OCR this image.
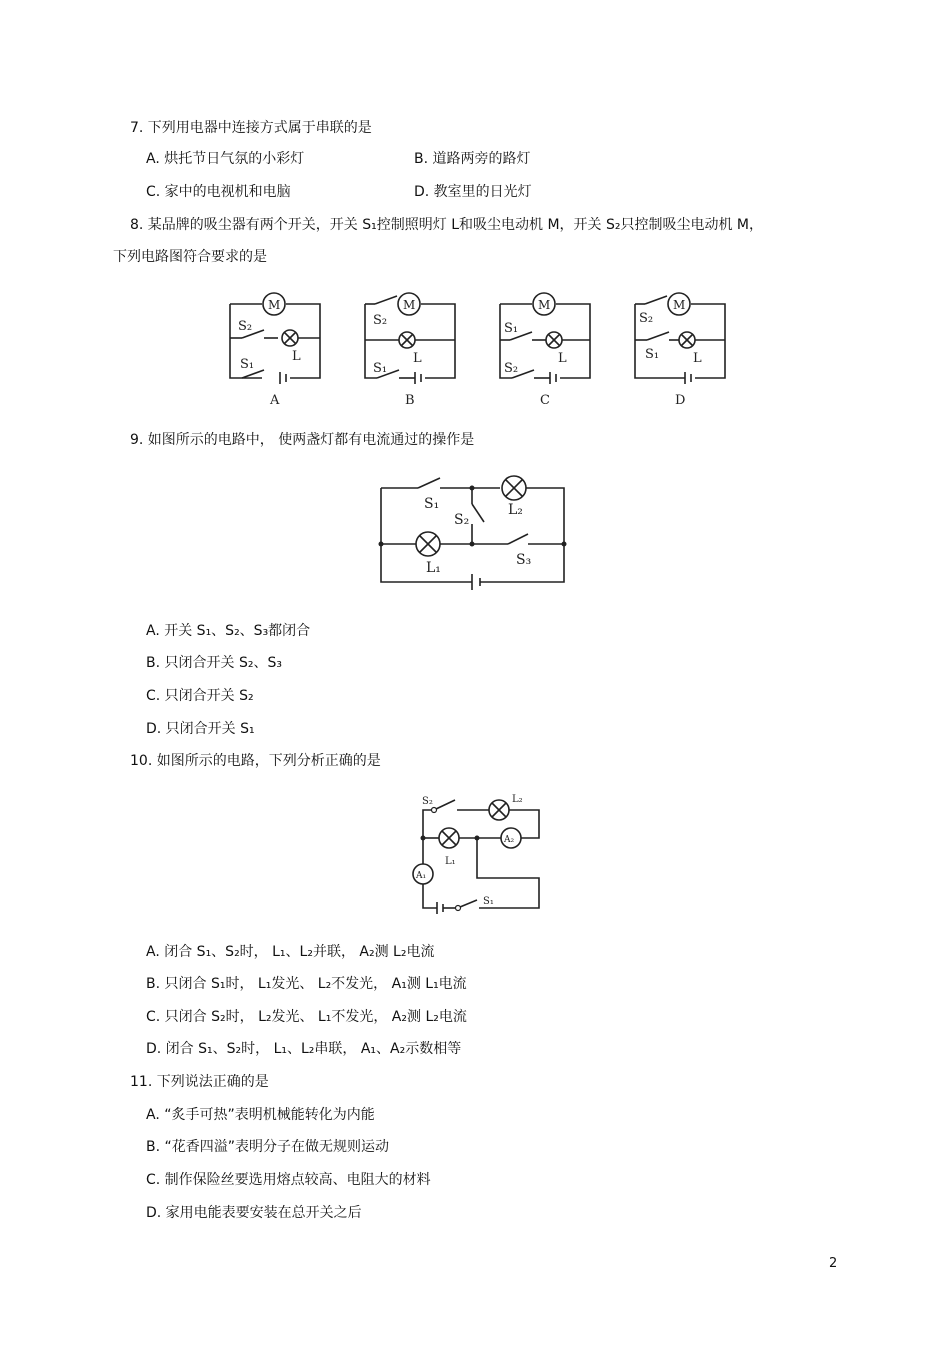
7. 下列用电器中连接方式属于串联的是
A. 烘托节日气氛的小彩灯	B. 道路两旁的路灯
C. 家中的电视机和电脑	D. 教室里的日光灯
8. 某品牌的吸尘器有两个开关，开关 S₁控制照明灯 L和吸尘电动机 M，开关 S₂只控制吸尘电动机 M，
下列电路图符合要求的是
M
S₂
L
S₁
A
M
S₂
L
S₁
B
M
S₁
L
S₂
C
M
S₂
S₁	L
D
9. 如图所示的电路中， 使两盏灯都有电流通过的操作是
S₁
S₂
L₂
S₃
L₁
A. 开关 S₁、S₂、S₃都闭合
B. 只闭合开关 S₂、S₃
C. 只闭合开关 S₂
D. 只闭合开关 S₁
10. 如图所示的电路，下列分析正确的是
A₂
A₁
S₂	L₂
L₁
S₁
A. 闭合 S₁、S₂时， L₁、L₂并联， A₂测 L₂电流
B. 只闭合 S₁时， L₁发光、 L₂不发光， A₁测 L₁电流
C. 只闭合 S₂时， L₂发光、 L₁不发光， A₂测 L₂电流
D. 闭合 S₁、S₂时， L₁、L₂串联， A₁、A₂示数相等
11. 下列说法正确的是
A. “炙手可热”表明机械能转化为内能
B. “花香四溢”表明分子在做无规则运动
C. 制作保险丝要选用熔点较高、电阻大的材料
D. 家用电能表要安装在总开关之后
2
